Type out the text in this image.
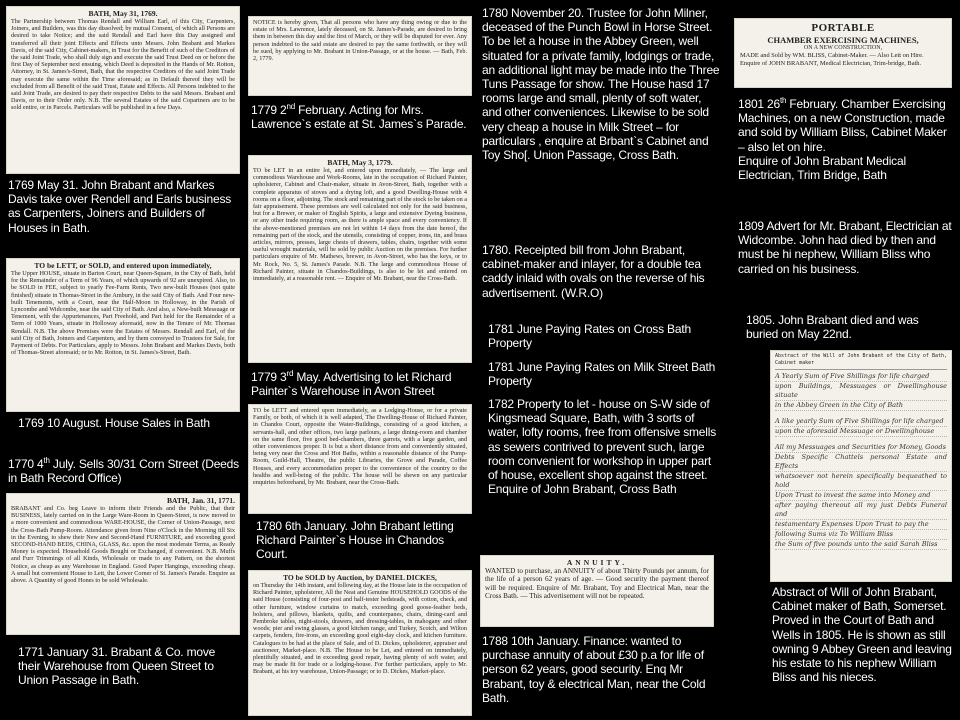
BATH, May 31, 1769.
The Partnership between Thomas Rendall and William Earl, of this City, Carpenters, Joiners, and Builders, was this day dissolved; by mutual Consent, of which all Persons are desired to take Notice; and the said Rendall and Earl have this Day assigned and transferred all their joint Effects and Effects unto Messrs. John Brabant and Markes Davis, of the said City, Cabinet-makers, in Trust for the Benefit of such of the Creditors of the said Joint Trade, who shall duly sign and execute the said Trust Deed on or before the first Day of September next ensuing, which Deed is deposited in the Hands of Mr. Rotton, Attorney, in St. James's-Street, Bath, that the respective Creditors of the said Joint Trade may execute the same within the Time aforesaid; as in Default thereof they will be excluded from all Benefit of the said Trust, Estate and Effects. All Persons indebted to the said Joint Trade, are desired to pay their respective Debts to the said Messrs. Brabant and Davis, or to their Order only. N.B. The several Estates of the said Copartners are to be sold entire, or in Parcels. Particulars will be published in a few Days.
1769 May 31. John Brabant and Markes Davis take over Rendell and Earls business as Carpenters, Joiners and Builders of Houses in Bath.
TO be LETT, or SOLD, and entered upon immediately,
The Upper HOUSE, situate in Barton Court, near Queen-Square, in the City of Bath, held for the Remainder of a Term of 96 Years, of which upwards of 92 are unexpired. Also, to be SOLD in FEE, subject to yearly Fee-Farm Rents, Two new-built Houses (not quite finished) situate in Thomas-Street in the Ambury, in the said City of Bath. And Four new-built Tenements, with a Court, near the Half-Moon in Holloway, in the Parish of Lyncombe and Widcombe, near the said City of Bath. And also, a New-built Messuage or Tenement, with the Appurtenances, Part Freehold, and Part held for the Remainder of a Term of 1000 Years, situate in Holloway aforesaid, now in the Tenure of Mr. Thomas Rendall. N.B. The above Premises were the Estates of Messrs. Rendall and Earl, of the said City of Bath, Joiners and Carpenters, and by them conveyed to Trustees for Sale, for Payment of Debts. For Particulars, apply to Messrs. John Brabant and Markes Davis, both of Thomas-Street aforesaid; or to Mr. Rotton, in St. James's-Street, Bath.
1769 10 August. House Sales in Bath
1770 4th July. Sells 30/31 Corn Street (Deeds in Bath Record Office)
BATH, Jan. 31, 1771.
BRABANT and Co. beg Leave to inform their Friends and the Public, that their BUSINESS, lately carried on in the Large Ware-Room in Queen-Street, is now moved to a more convenient and commodious WARE-HOUSE, the Corner of Union-Passage, next the Cross-Bath Pump-Room. Attendance given from Nine o'Clock in the Morning till Six in the Evening, to shew their New and Second-Hand FURNITURE, and exceeding good SECOND-HAND BEDS, CHINA, GLASS, &c. upon the most moderate Terms, as Ready Money is expected. Household Goods Bought or Exchanged, if convenient. N.B. Muffs and Furr Trimmings of all Kinds, Wholesale or made to any Pattern, on the shortest Notice, as cheap as any Warehouse in England. Good Paper Hangings, exceeding cheap. A small but convenient House to Lett, the Lower Corner of St. James's Parade. Enquire as above. A Quantity of good Hones to be sold Wholesale.
1771 January 31. Brabant & Co. move their Warehouse from Queen Street to Union Passage in Bath.
NOTICE is hereby given, That all persons who have any thing owing or due to the estate of Mrs. Lawrence, lately deceased, on St. James's-Parade, are desired to bring them in between this day and the first of March, or they will be disputed for ever. Any person indebted to the said estate are desired to pay the same forthwith, or they will be sued, by applying to Mr. Brabant in Union-Passage, or at the house. — Bath, Feb. 2, 1779.
1779 2nd February. Acting for Mrs. Lawrence`s estate at St. James`s Parade.
BATH, May 3, 1779.
TO be LET in an entire lot, and entered upon immediately, — The large and commodious Warehouse and Work-Rooms, late in the occupation of Richard Painter, upholsterer, Cabinet and Chair-maker, situate in Avon-Street, Bath, together with a complete apparatus of stoves and a drying loft, and a good Dwelling-House with 4 rooms on a floor, adjoining. The stock and remaining part of the stock to be taken on a fair appraisement. These premises are well calculated not only for the said business, but for a Brewer, or maker of English Spirits, a large and extensive Dyeing business, or any other trade requiring room, as there is ample space and every conveniency. If the above-mentioned premises are not let within 14 days from the date hereof, the remaining part of the stock, and the utensils, consisting of copper, irons, tin, and brass articles, mirrors, presses, large chests of drawers, tables, chairs, together with some useful wrought materials, will be sold by public Auction on the premises. For further particulars enquire of Mr. Mathews, brewer, in Avon-Street, who has the keys, or to Mr. Rock, No. 5, St. James's Parade. N.B. The large and commodious House of Richard Painter, situate in Chandos-Buildings, is also to be let and entered on immediately, at a reasonable rent. — Enquire of Mr. Brabant, near the Cross-Bath.
1779 3rd May. Advertising to let Richard Painter`s Warehouse in Avon Street
TO be LETT and entered upon immediately, as a Lodging-House, or for a private Family, or both, of which it is well adapted, The Dwelling-House of Richard Painter, in Chandos Court, opposite the Water-Buildings, consisting of a good kitchen, a servants-hall, and other offices, two large parlours, a large dining-room and chamber on the same floor, five good bed-chambers, three garrets, with a large garden, and other conveniences proper. It is but a short distance from and conveniently situated, being very near the Cross and Hot Baths, within a reasonable distance of the Pump-Room, Guild-Hall, Theatre, the public Libraries, the Grove and Parade, Coffee Houses, and every accommodation proper to the convenience of the country to the healths and well-being of the public. The house will be shewn on any particular enquiries beforehand, by Mr. Brabant, near the Cross-Bath.
1780 6th January. John Brabant letting Richard Painter`s House in Chandos Court.
TO be SOLD by Auction, by DANIEL DICKES,
on Thursday the 14th instant, and following day, at the House late in the occupation of Richard Painter, upholsterer, All the Neat and Genuine HOUSEHOLD GOODS of the said House (consisting of four-post and half-tester bedsteads, with cotton, check, and other furniture, window curtains to match, exceeding good goose-feather beds, bolsters, and pillows, blankets, quilts, and counterpanes, chairs, dining-card and Pembroke tables, night-stools, drawers, and dressing-tables, in mahogany and other woods; pier and swing glasses, a good kitchen range, and Turkey, Scotch, and Wilton carpets, fenders, fire-irons, an exceeding good eight-day clock, and kitchen furniture. Catalogues to be had at the place of Sale, and of D. Dickes, upholsterer, appraiser and auctioneer, Market-place. N.B. The House to be Let, and entered on immediately, plentifully situated, and in exceeding good repair, having plenty of soft water, and may be made fit for trade or a lodging-house. For further particulars, apply to Mr. Brabant, at his toy warehouse, Union-Passage; or to D. Dickes, Market-place.
1780 November 20. Trustee for John Milner, deceased of the Punch Bowl in Horse Street.
To be let a house in the Abbey Green, well situated for a private family, lodgings or trade, an additional light may be made into the Three Tuns Passage for show. The House hasd 17 rooms large and small, plenty of soft water, and other conveniences. Likewise to be sold very cheap a house in Milk Street – for particulars , enquire at Brbant`s Cabinet and Toy Sho[. Union Passage, Cross Bath.
1780. Receipted bill from John Brabant, cabinet-maker and inlayer, for a double tea caddy inlaid with ovals on the reverse of his advertisement. (W.R.O)
1781 June Paying Rates on Cross Bath Property
1781 June Paying Rates on Milk Street Bath Property
1782 Property to let - house on S-W side of Kingsmead Square, Bath, with 3 sorts of water, lofty rooms, free from offensive smells as sewers contrived to prevent such, large room convenient for workshop in upper part of house, excellent shop against the street. Enquire of John Brabant, Cross Bath
ANNUITY.
WANTED to purchase, an ANNUITY of about Thirty Pounds per annum, for the life of a person 62 years of age. — Good security the payment thereof will be required. Enquire of Mr. Brabant, Toy and Electrical Man, near the Cross Bath. — This advertisement will not be repeated.
1788 10th January. Finance: wanted to purchase annuity of about £30 p.a for life of person 62 years, good security. Enq Mr Brabant, toy & electrical Man, near the Cold Bath.
PORTABLE
CHAMBER EXERCISING MACHINES,
ON A NEW CONSTRUCTION,
MADE and Sold by WM. BLISS, Cabinet-Maker. — Also Lett on Hire.
Enquire of JOHN BRABANT, Medical Electrician, Trim-bridge, Bath.
1801 26th February. Chamber Exercising Machines, on a new Construction, made and sold by William Bliss, Cabinet Maker – also let on hire.
Enquire of John Brabant Medical Electrician, Trim Bridge, Bath
1809 Advert for Mr. Brabant, Electrician at Widcombe. John had died by then and must be hi nephew, William Bliss who carried on his business.
1805. John Brabant died and was buried on May 22nd.
Abstract of the Will of John Brabant of the City of Bath, Cabinet maker
A Yearly Sum of Five Shillings for life charged
upon Buildings, Messuages or Dwellinghouse situate
in the Abbey Green in the City of Bath
A like yearly Sum of Five Shillings for life charged
upon the aforesaid Messuage or Dwellinghouse
All my Messuages and Securities for Money, Goods
Debts Specific Chattels personal Estate and Effects
whatsoever not herein specifically bequeathed to hold
Upon Trust to invest the same into Money and
after paying thereout all my just Debts Funeral and
testamentary Expenses Upon Trust to pay the
following Sums viz To William Bliss
the Sum of five pounds unto the said Sarah Bliss
Abstract of Will of John Brabant, Cabinet maker of Bath, Somerset. Proved in the Court of Bath and Wells in 1805. He is shown as still owning 9 Abbey Green and leaving his estate to his nephew William Bliss and his nieces.
